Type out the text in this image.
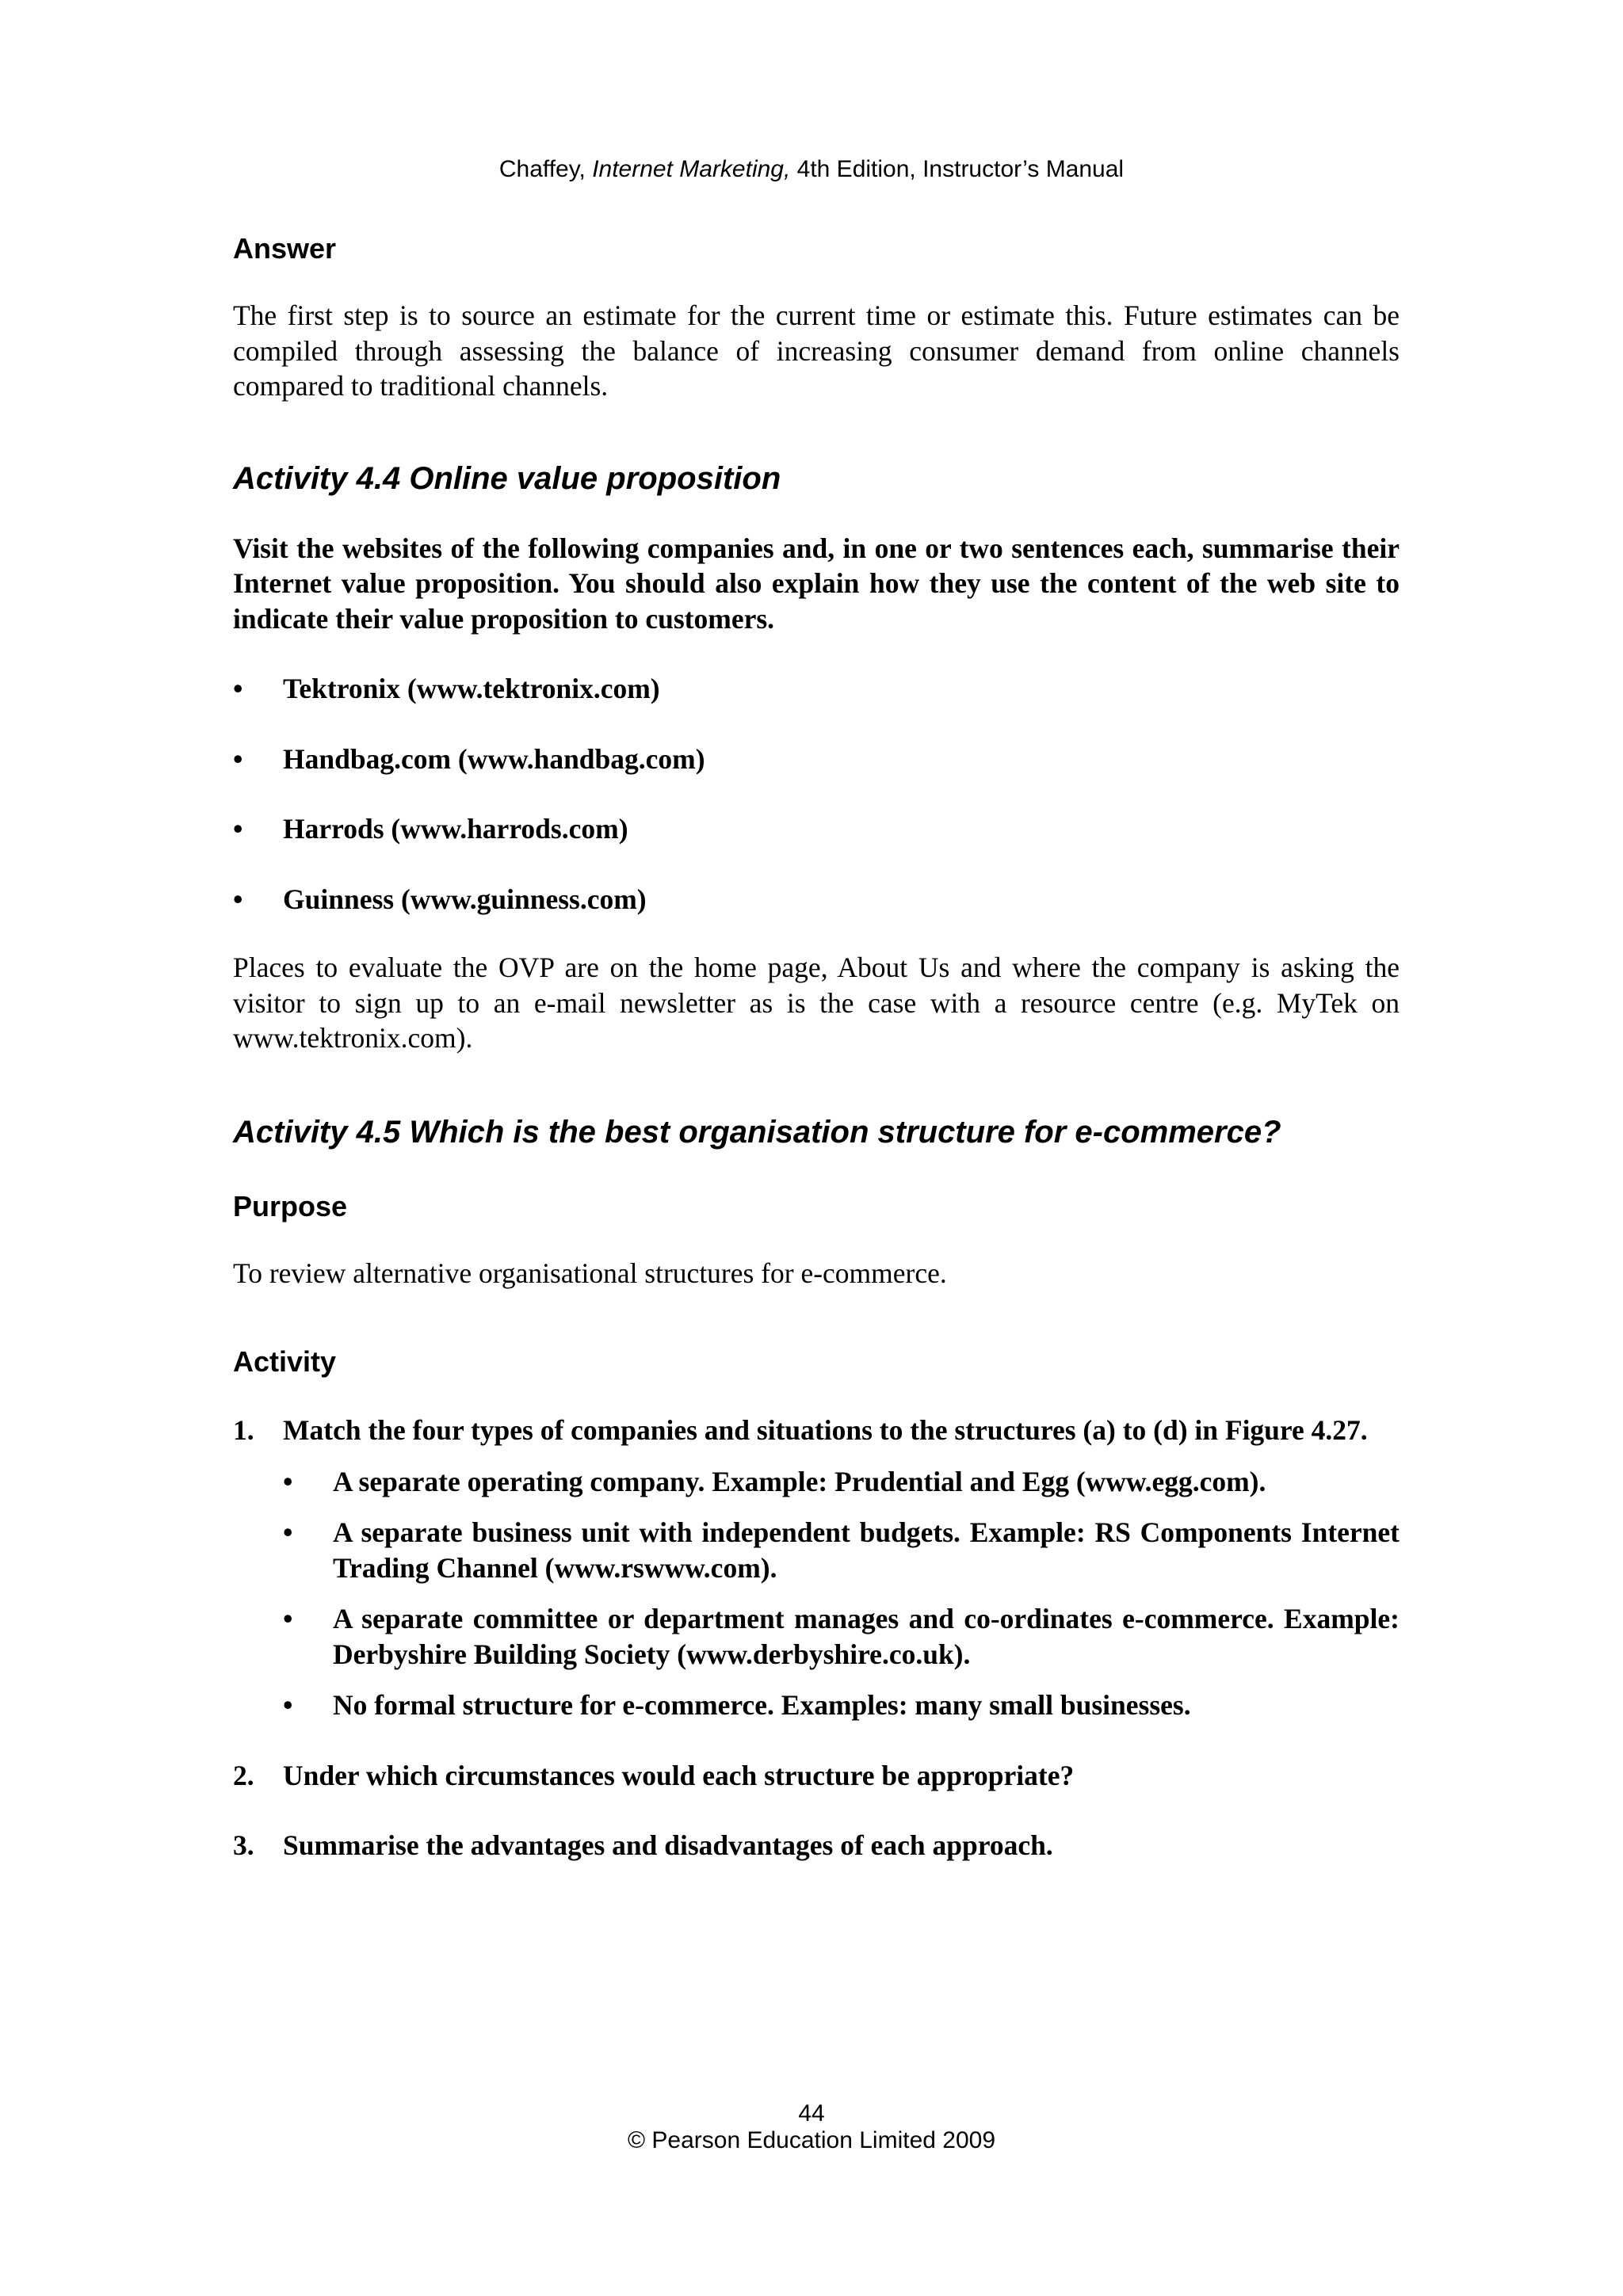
Chaffey, Internet Marketing, 4th Edition, Instructor’s Manual
Answer

The first step is to source an estimate for the current time or estimate this. Future estimates can be compiled through assessing the balance of increasing consumer demand from online channels compared to traditional channels.

Activity 4.4 Online value proposition

Visit the websites of the following companies and, in one or two sentences each, summarise their Internet value proposition. You should also explain how they use the content of the web site to indicate their value proposition to customers.

•	Tektronix (www.tektronix.com)
•	Handbag.com (www.handbag.com)
•	Harrods (www.harrods.com)
•	Guinness (www.guinness.com)

Places to evaluate the OVP are on the home page, About Us and where the company is asking the visitor to sign up to an e-mail newsletter as is the case with a resource centre (e.g. MyTek on www.tektronix.com).

Activity 4.5 Which is the best organisation structure for e-commerce?
Purpose

To review alternative organisational structures for e-commerce.

Activity
1. Match the four types of companies and situations to the structures (a) to (d) in Figure 4.27.
•	A separate operating company. Example: Prudential and Egg (www.egg.com).
•	A separate business unit with independent budgets. Example: RS Components Internet Trading Channel (www.rswww.com).
•	A separate committee or department manages and co-ordinates e-commerce. Example: Derbyshire Building Society (www.derbyshire.co.uk).
•	No formal structure for e-commerce. Examples: many small businesses.
2. Under which circumstances would each structure be appropriate?
3. Summarise the advantages and disadvantages of each approach.
44
© Pearson Education Limited 2009
